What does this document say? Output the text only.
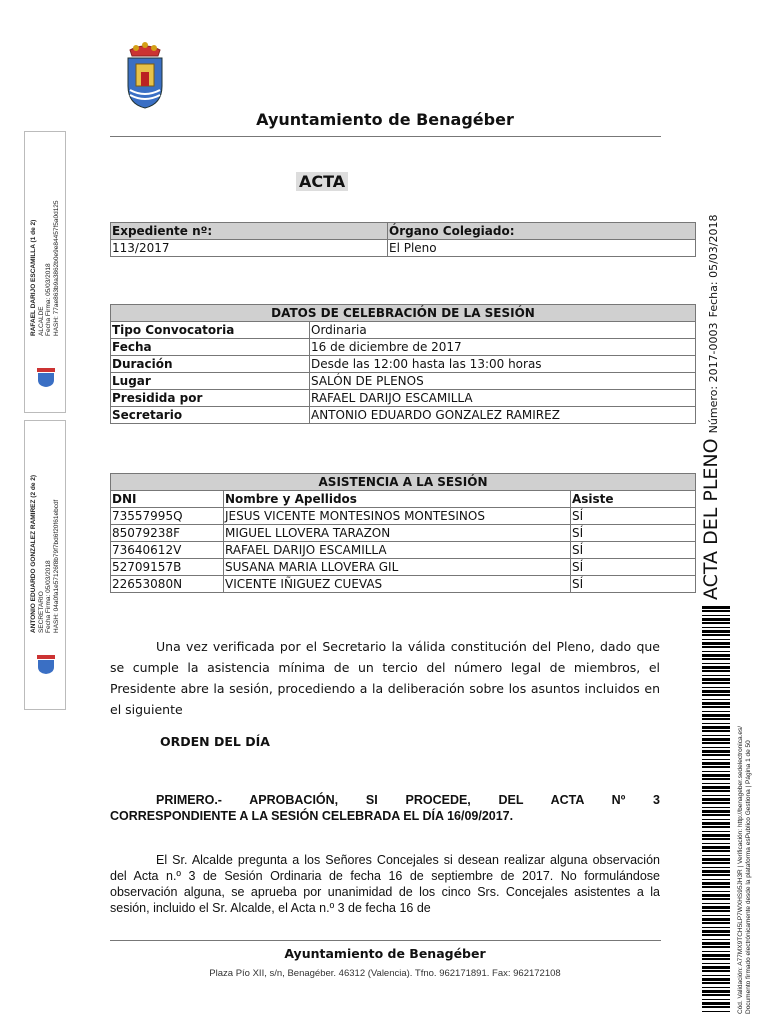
Ayuntamiento de Benagéber
ACTA
Expediente nº:	Órgano Colegiado:
113/2017	El Pleno
DATOS DE CELEBRACIÓN DE LA SESIÓN	
Tipo Convocatoria	Ordinaria
Fecha	16 de diciembre de 2017
Duración	Desde las 12:00 hasta las 13:00 horas
Lugar	SALÓN DE PLENOS
Presidida por	RAFAEL DARIJO ESCAMILLA
Secretario	ANTONIO EDUARDO GONZALEZ RAMIREZ
ASISTENCIA A LA SESIÓN		
DNI	Nombre y Apellidos	Asiste
73557995Q	JESUS VICENTE MONTESINOS MONTESINOS	SÍ
85079238F	MIGUEL LLOVERA TARAZON	SÍ
73640612V	RAFAEL DARIJO ESCAMILLA	SÍ
52709157B	SUSANA MARIA LLOVERA GIL	SÍ
22653080N	VICENTE IÑIGUEZ CUEVAS	SÍ
Una vez verificada por el Secretario la válida constitución del Pleno, dado que se cumple la asistencia mínima de un tercio del número legal de miembros, el Presidente abre la sesión, procediendo a la deliberación sobre los asuntos incluidos en el siguiente
ORDEN DEL DÍA
PRIMERO.- APROBACIÓN, SI PROCEDE, DEL ACTA Nº 3
CORRESPONDIENTE A LA SESIÓN CELEBRADA EL DÍA 16/09/2017.
El Sr. Alcalde pregunta a los Señores Concejales si desean realizar alguna observación del Acta n.º 3 de Sesión Ordinaria de fecha 16 de septiembre de 2017. No formulándose observación alguna, se aprueba por unanimidad de los cinco Srs. Concejales asistentes a la sesión, incluido el Sr. Alcalde, el Acta n.º 3 de fecha 16 de
Ayuntamiento de Benagéber
Plaza Pío XII, s/n, Benagéber. 46312 (Valencia). Tfno. 962171891. Fax: 962172108
RAFAEL DARIJO ESCAMILLA (1 de 2)
ALCALDE
Fecha Firma: 05/03/2018
HASH: 77ae863b9a3862b0e9e84457f5a0d125
ANTONIO EDUARDO GONZALEZ RAMIREZ (2 de 2)
SECRETARIO
Fecha Firma: 05/03/2018
HASH: 04a0fa1e57126f8b79f7bd6f20f61ebcdf	ACTA DEL PLENO Número: 2017-0003 Fecha: 05/03/2018
Cód. Validación: A77MX9TCH5LP7WXHS95JH3R | Verificación: http://benageber.sedelectronica.es/
Documento firmado electrónicamente desde la plataforma esPublico Gestiona | Página 1 de 50
